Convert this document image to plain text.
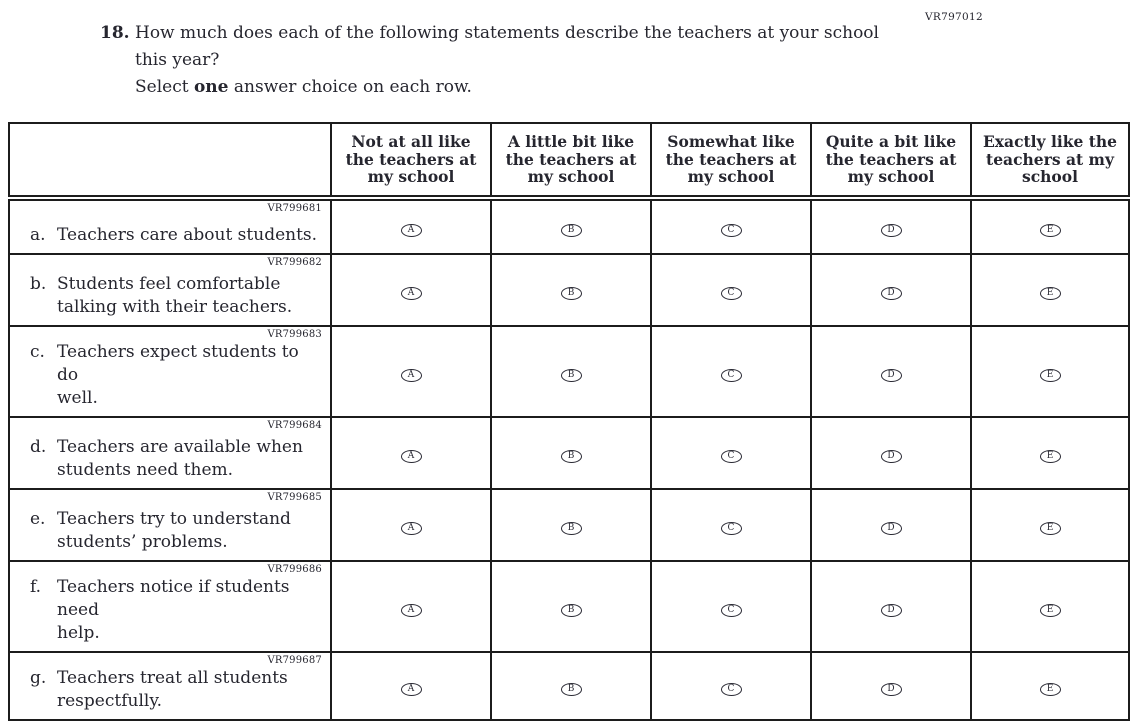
VR797012
18. How much does each of the following statements describe the teachers at your school
this year?
Select one answer choice on each row.
	Not at all like
the teachers at
my school	A little bit like
the teachers at
my school	Somewhat like
the teachers at
my school	Quite a bit like
the teachers at
my school	Exactly like the
teachers at my
school

VR799681
a. Teachers care about students.	A	B	C	D	E

VR799682
b. Students feel comfortable
talking with their teachers.	A	B	C	D	E

VR799683
c. Teachers expect students to do
well.	A	B	C	D	E

VR799684
d. Teachers are available when
students need them.	A	B	C	D	E

VR799685
e. Teachers try to understand
students’ problems.	A	B	C	D	E

VR799686
f. Teachers notice if students need
help.	A	B	C	D	E

VR799687
g. Teachers treat all students
respectfully.	A	B	C	D	E
